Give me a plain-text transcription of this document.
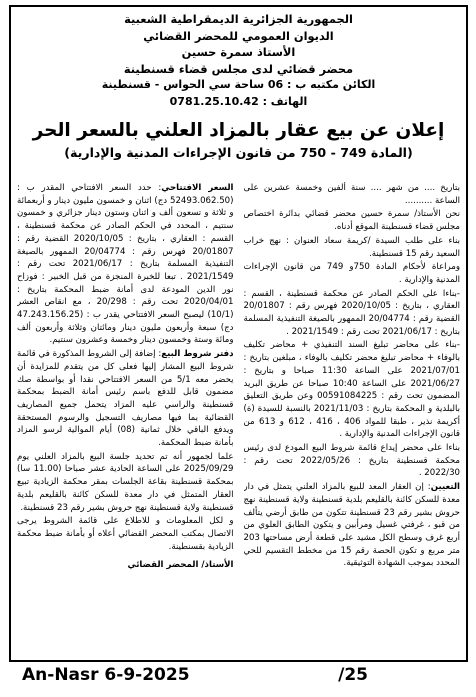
الجمهورية الجزائرية الديمقراطية الشعبية
الديوان العمومي للمحضر القضائي
الأستاذ سمرة حسين
محضر قضائي لدى مجلس قضاء قسنطينة
الكائن مكتبه ب : 06 ساحة سي الحواس - قسنطينة
الهاتف : 0781.25.10.42
إعلان عن بيع عقار بالمزاد العلني بالسعر الحر
(المادة 749 - 750 من قانون الإجراءات المدنية والإدارية)

بتاريخ .... من شهر .... سنة ألفين وخمسة عشرين على الساعة ..........

نحن الأستاذ/ سمرة حسين محضر قضائي بدائرة اختصاص مجلس قضاء قسنطينة الموقع أدناه.

بناء على طلب السيدة /كريمة سعاد العنوان : نهج خراب السعيد رقم 15 قسنطينة.

ومراعاة لأحكام المادة 750و 749 من قانون الإجراءات المدنية والإدارية .

-بناءا على الحكم الصادر عن محكمة قسنطينة ، القسم : العقاري ، بتاريخ : 2020/10/05 فهرس رقم : 20/01807 القضية رقم : 20/04774 الممهور بالصيغة التنفيذية المسلمة بتاريخ : 2021/06/17 تحت رقم : 2021/1549 .

-بناء على محاضر تبليغ السند التنفيذي + محاضر تكليف بالوفاء + محاضر تبليغ محضر تكليف بالوفاء ، مبلغين بتاريخ : 2021/07/01 على الساعة 11:30 صباحا و بتاريخ : 2021/06/27 على الساعة 10:40 صباحا عن طريق البريد المضمون تحت رقم : 00591084225 وعن طريق التعليق بالبلدية و المحكمة بتاريخ : 2021/11/03 بالنسبة للسيدة (ة) أكريمة نذير ، طبقا للمواد 406 ، 416 ، 612 و 613 من قانون الإجراءات المدنية والإدارية .

بناءا على محضر إيداع قائمة شروط البيع المودع لدى رئيس محكمة قسنطينة بتاريخ : 2022/05/26 تحت رقم : 2022/30 .

التعيين: إن العقار المعد للبيع بالمزاد العلني يتمثل في دار معدة للسكن كائنة بالقليعم بلدية قسنطينة ولاية قسنطينة نهج حروش بشير رقم 23 قسنطينة تتكون من طابق أرضي يتألف من قبو ، غرفتي غسيل ومرأبين و يتكون الطابق العلوي من أربع غرف وسطح الكل مشيد على قطعة أرض مساحتها 203 متر مربع و تكون الحصة رقم 15 من مخطط التقسيم للحي المحدد بموجب الشهادة التوثيقية.

السعر الافتتاحي: حدد السعر الافتتاحي المقدر ب : (52493.062.50 دج) اثنان و خمسون مليون دينار و أربعمائة و ثلاثة و تسعون ألف و اثنان وستون دينار جزائري و خمسون سنتيم ، المحدد في الحكم الصادر عن محكمة قسنطينة ، القسم : العقاري ، بتاريخ : 2020/10/05 القضية رقم : 20/01807 فهرس رقم : 20/04774 الممهور بالصيغة التنفيذية المسلمة بتاريخ : 2021/06/17 تحت رقم : 2021/1549 . تبعا للخبرة المنجزة من قبل الخبير : فوزاح نور الدين المودعة لدى أمانة ضبط المحكمة بتاريخ : 2020/04/01 تحت رقم : 20/298 ، مع انقاص العشر (10/1) ليصبح السعر الافتتاحي يقدر ب : (47.243.156.25 دج) سبعة وأربعون مليون دينار ومائتان وثلاثة وأربعون ألف ومائة وستة وخمسون دينار وخمسة وعشرون سنتيم.

دفتر شروط البيع: إضافة إلى الشروط المذكورة في قائمة شروط البيع المشار إليها فعلى كل من يتقدم للمزايدة أن يحضر معه 5/1 من السعر الافتتاحي نقدا أو بواسطة صك مضمون قابل للدفع باسم رئيس أمانة الضبط بمحكمة قسنطينة والراسي عليه المزاد يتحمل جميع المصاريف القضائية بما فيها مصاريف التسجيل والرسوم المستحقة ويدفع الباقي خلال ثمانية (08) أيام الموالية لرسو المزاد بأمانة ضبط المحكمة.

علما لجمهور أنه تم تحديد جلسة البيع بالمزاد العلني يوم 2025/09/29 على الساعة الحادية عشر صباحا (11.00 سا) بمحكمة قسنطينة بقاعة الجلسات بمقر محكمة الزيادية تبيع العقار المتمثل في دار معدة للسكن كائنة بالقليعم بلدية قسنطينة ولاية قسنطينة نهج حروش بشير رقم 23 قسنطينة.

و لكل المعلومات و للاطلاع على قائمة الشروط يرجى الاتصال بمكتب المحضر القضائي أعلاه أو بأمانة ضبط محكمة الزيادية بقسنطينة.

الأستاذ/ المحضر القضائي
An-Nasr 6-9-2025	/25
